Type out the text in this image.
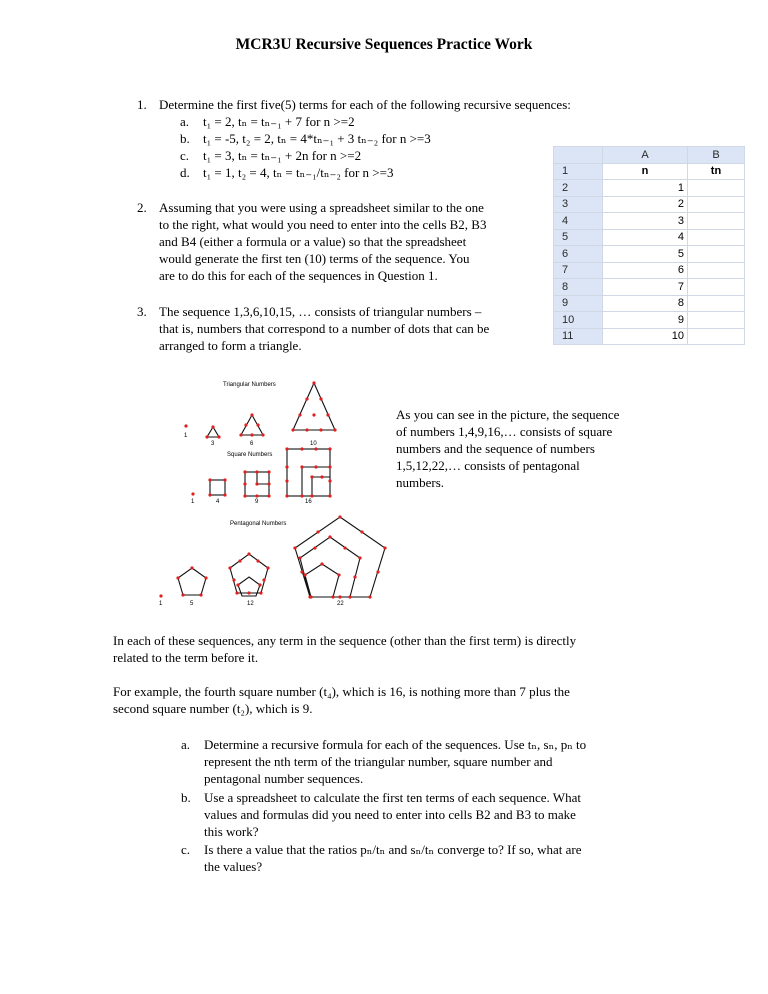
MCR3U Recursive Sequences Practice Work
1. Determine the first five(5) terms for each of the following recursive sequences:
a. t₁ = 2, tₙ = tₙ₋₁ + 7 for n >=2
b. t₁ = -5, t₂ = 2, tₙ = 4*tₙ₋₁ + 3 tₙ₋₂ for n >=3
c. t₁ = 3, tₙ = tₙ₋₁ + 2n for n >=2
d. t₁ = 1, t₂ = 4, tₙ = tₙ₋₁/tₙ₋₂ for n >=3
2. Assuming that you were using a spreadsheet similar to the one
to the right, what would you need to enter into the cells B2, B3
and B4 (either a formula or a value) so that the spreadsheet
would generate the first ten (10) terms of the sequence. You
are to do this for each of the sequences in Question 1.
3. The sequence 1,3,6,10,15, … consists of triangular numbers –
that is, numbers that correspond to a number of dots that can be
arranged to form a triangle.
	A	B
1	n	tn
2	1	
3	2	
4	3	
5	4	
6	5	
7	6	
8	7	
9	8	
10	9	
11	10	
Triangular Numbers
1
3	6	10
Square Numbers
1	4	9	16
Pentagonal Numbers
1	5	12	22
As you can see in the picture, the sequence
of numbers 1,4,9,16,… consists of square
numbers and the sequence of numbers
1,5,12,22,… consists of pentagonal
numbers.
In each of these sequences, any term in the sequence (other than the first term) is directly
related to the term before it.
For example, the fourth square number (t₄), which is 16, is nothing more than 7 plus the
second square number (t₂), which is 9.
a. Determine a recursive formula for each of the sequences. Use tₙ, sₙ, pₙ to
represent the nth term of the triangular number, square number and
pentagonal number sequences.
b. Use a spreadsheet to calculate the first ten terms of each sequence. What
values and formulas did you need to enter into cells B2 and B3 to make
this work?
c. Is there a value that the ratios pₙ/tₙ and sₙ/tₙ converge to? If so, what are
the values?
